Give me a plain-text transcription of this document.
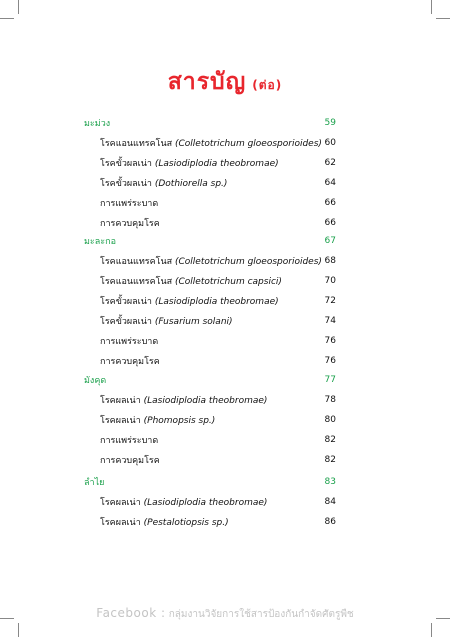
สารบัญ (ต่อ)
มะม่วง	59
โรคแอนแทรคโนส (Colletotrichum gloeosporioides) 60
โรคขั้วผลเน่า (Lasiodiplodia theobromae)	62
โรคขั้วผลเน่า (Dothiorella sp.)	64
การแพร่ระบาด	66
การควบคุมโรค	66
มะละกอ	67
โรคแอนแทรคโนส (Colletotrichum gloeosporioides) 68
โรคแอนแทรคโนส (Colletotrichum capsici)	70
โรคขั้วผลเน่า (Lasiodiplodia theobromae)	72
โรคขั้วผลเน่า (Fusarium solani)	74
การแพร่ระบาด	76
การควบคุมโรค	76
มังคุด	77
โรคผลเน่า (Lasiodiplodia theobromae)	78
โรคผลเน่า (Phomopsis sp.)	80
การแพร่ระบาด	82
การควบคุมโรค	82
ลำไย	83
โรคผลเน่า (Lasiodiplodia theobromae)	84
โรคผลเน่า (Pestalotiopsis sp.)	86
Facebook : กลุ่มงานวิจัยการใช้สารป้องกันกำจัดศัตรูพืช
